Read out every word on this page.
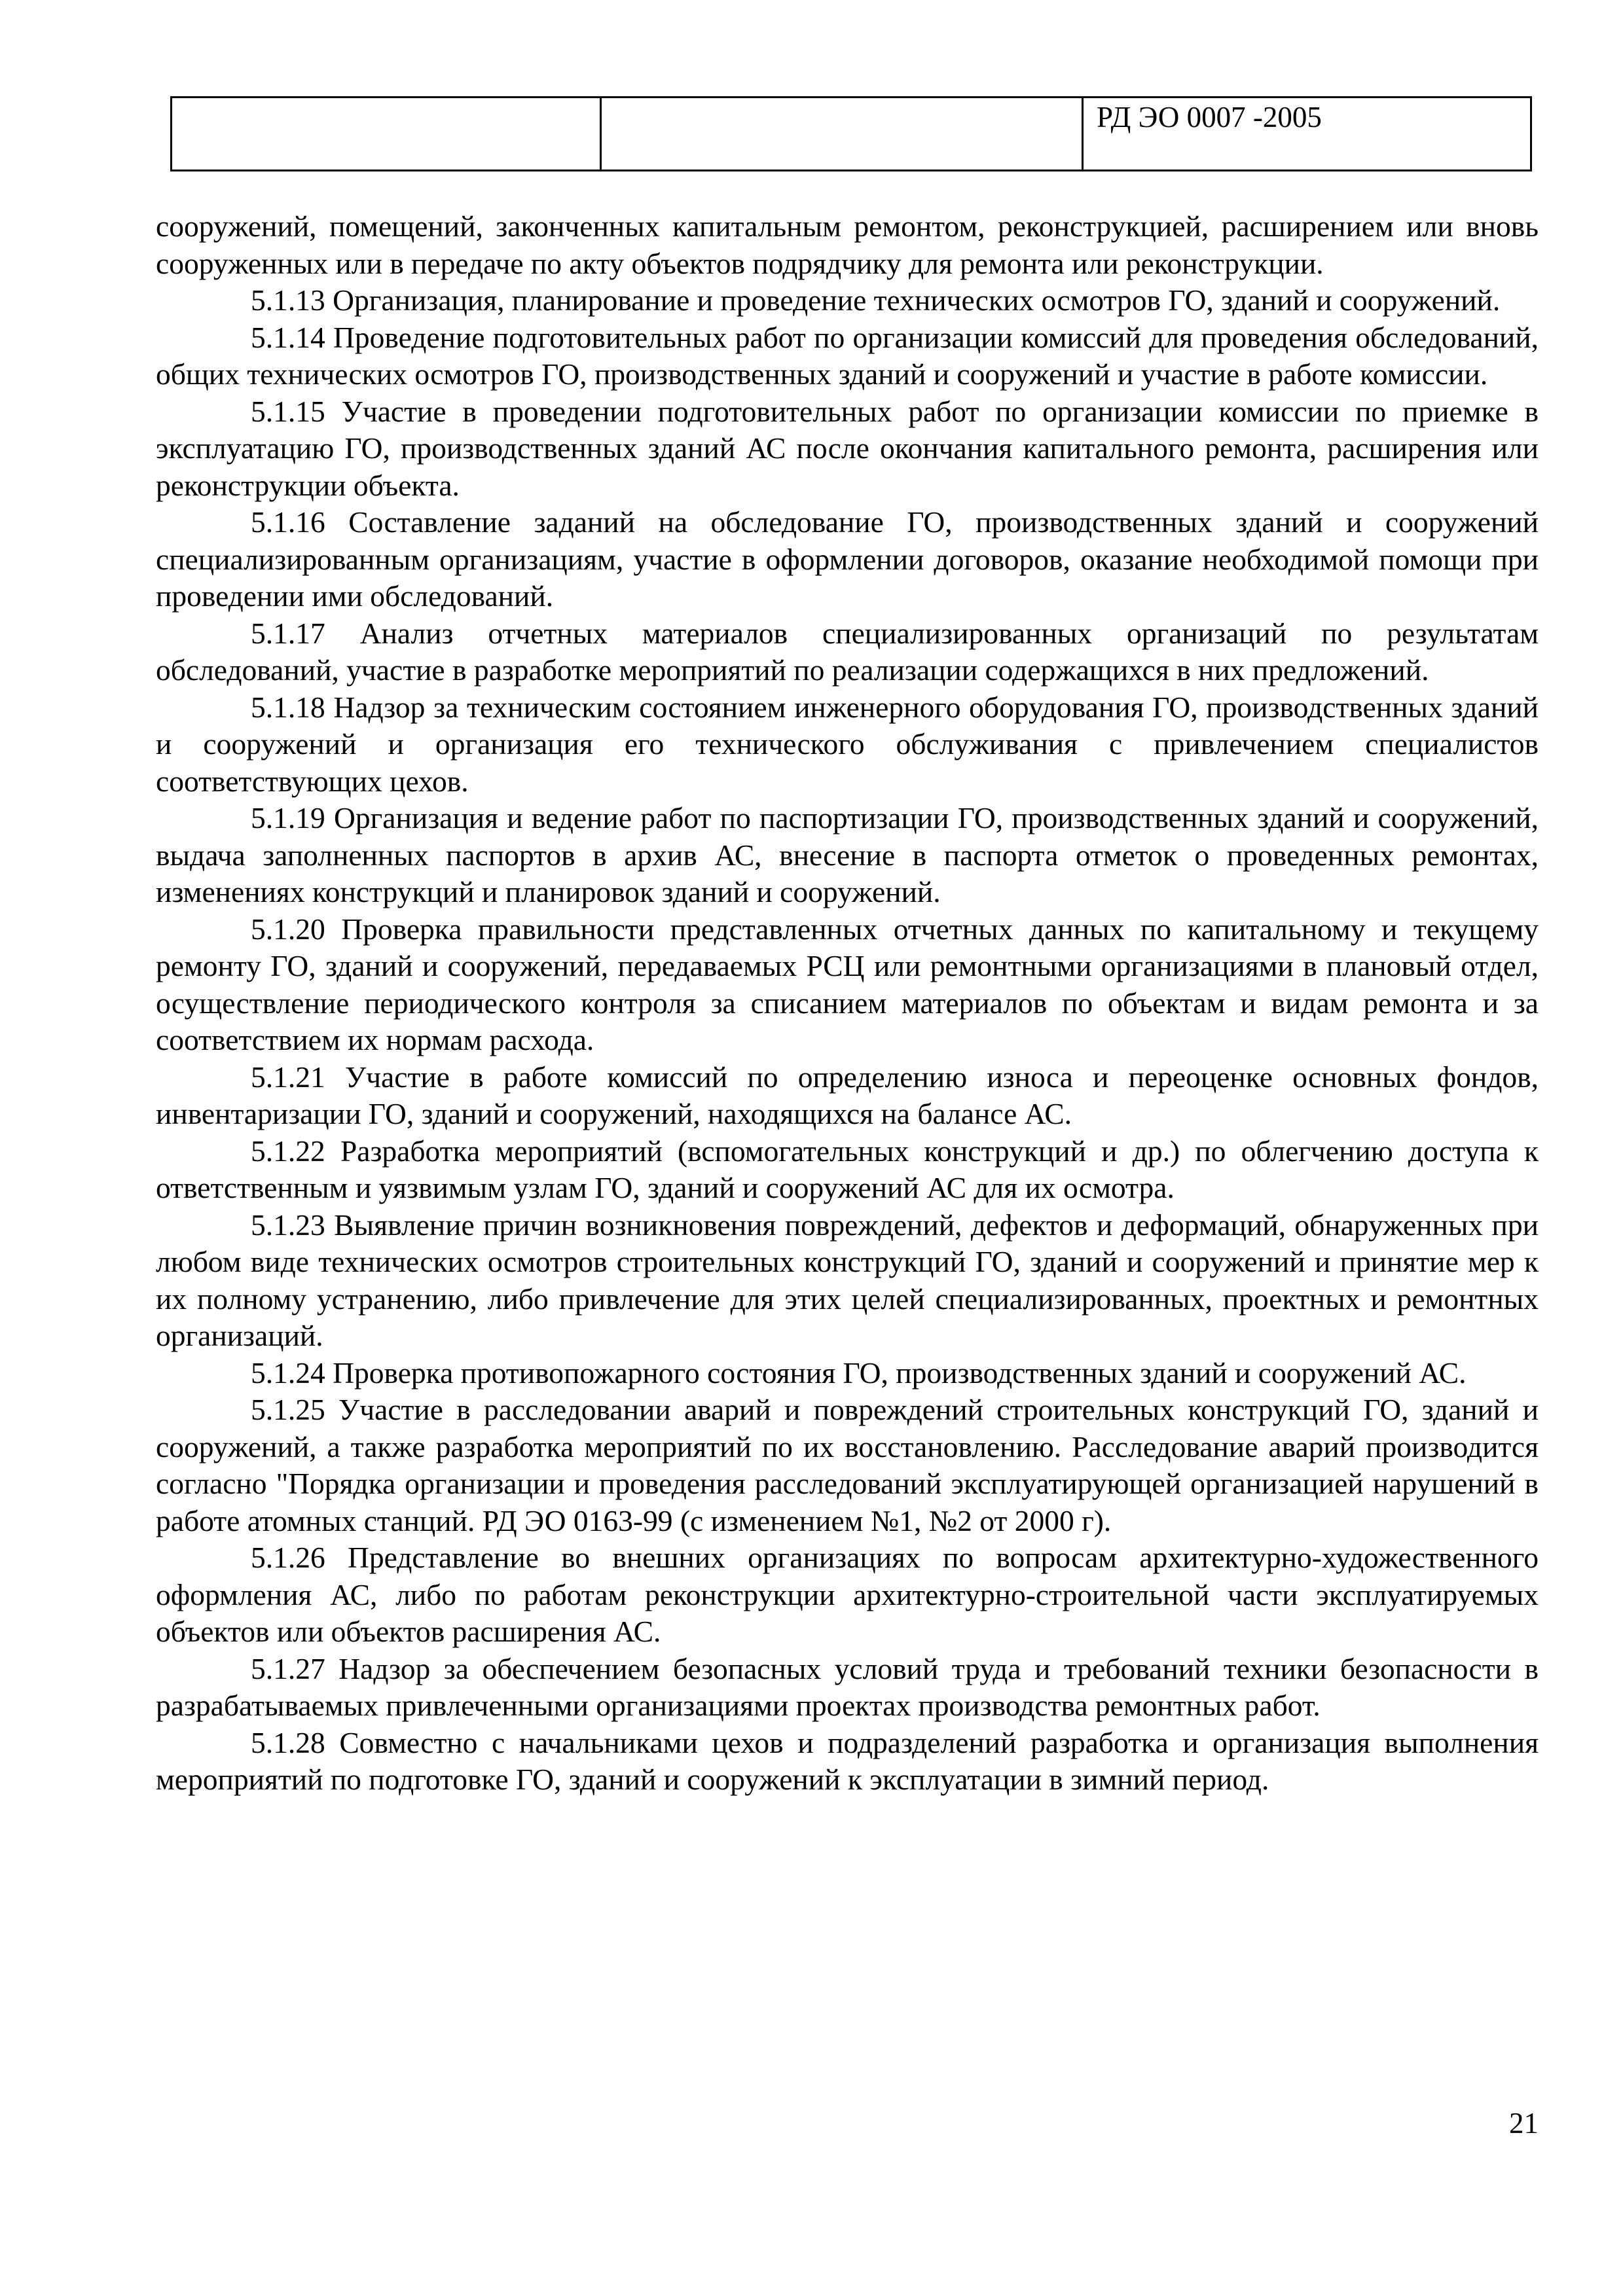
		РД ЭО 0007 -2005

сооружений, помещений, законченных капитальным ремонтом, реконструкцией, расширением или вновь сооруженных или в передаче по акту объектов подрядчику для ремонта или реконструкции.

5.1.13 Организация, планирование и проведение технических осмотров ГО, зданий и сооружений.

5.1.14 Проведение подготовительных работ по организации комиссий для проведения обследований, общих технических осмотров ГО, производственных зданий и сооружений и участие в работе комиссии.

5.1.15 Участие в проведении подготовительных работ по организации комиссии по приемке в эксплуатацию ГО, производственных зданий АС после окончания капитального ремонта, расширения или реконструкции объекта.

5.1.16 Составление заданий на обследование ГО, производственных зданий и сооружений специализированным организациям, участие в оформлении договоров, оказание необходимой помощи при проведении ими обследований.

5.1.17 Анализ отчетных материалов специализированных организаций по результатам обследований, участие в разработке мероприятий по реализации содержащихся в них предложений.

5.1.18 Надзор за техническим состоянием инженерного оборудования ГО, производственных зданий и сооружений и организация его технического обслуживания с привлечением специалистов соответствующих цехов.

5.1.19 Организация и ведение работ по паспортизации ГО, производственных зданий и сооружений, выдача заполненных паспортов в архив АС, внесение в паспорта отметок о проведенных ремонтах, изменениях конструкций и планировок зданий и сооружений.

5.1.20 Проверка правильности представленных отчетных данных по капитальному и текущему ремонту ГО, зданий и сооружений, передаваемых РСЦ или ремонтными организациями в плановый отдел, осуществление периодического контроля за списанием материалов по объектам и видам ремонта и за соответствием их нормам расхода.

5.1.21 Участие в работе комиссий по определению износа и переоценке основных фондов, инвентаризации ГО, зданий и сооружений, находящихся на балансе АС.

5.1.22 Разработка мероприятий (вспомогательных конструкций и др.) по облегчению доступа к ответственным и уязвимым узлам ГО, зданий и сооружений АС для их осмотра.

5.1.23 Выявление причин возникновения повреждений, дефектов и деформаций, обнаруженных при любом виде технических осмотров строительных конструкций ГО, зданий и сооружений и принятие мер к их полному устранению, либо привлечение для этих целей специализированных, проектных и ремонтных организаций.

5.1.24 Проверка противопожарного состояния ГО, производственных зданий и сооружений АС.

5.1.25 Участие в расследовании аварий и повреждений строительных конструкций ГО, зданий и сооружений, а также разработка мероприятий по их восстановлению. Расследование аварий производится согласно "Порядка организации и проведения расследований эксплуатирующей организацией нарушений в работе атомных станций. РД ЭО 0163-99 (с изменением №1, №2 от 2000 г).

5.1.26 Представление во внешних организациях по вопросам архитектурно-художественного оформления АС, либо по работам реконструкции архитектурно-строительной части эксплуатируемых объектов или объектов расширения АС.

5.1.27 Надзор за обеспечением безопасных условий труда и требований техники безопасности в разрабатываемых привлеченными организациями проектах производства ремонтных работ.

5.1.28 Совместно с начальниками цехов и подразделений разработка и организация выполнения мероприятий по подготовке ГО, зданий и сооружений к эксплуатации в зимний период.

21
